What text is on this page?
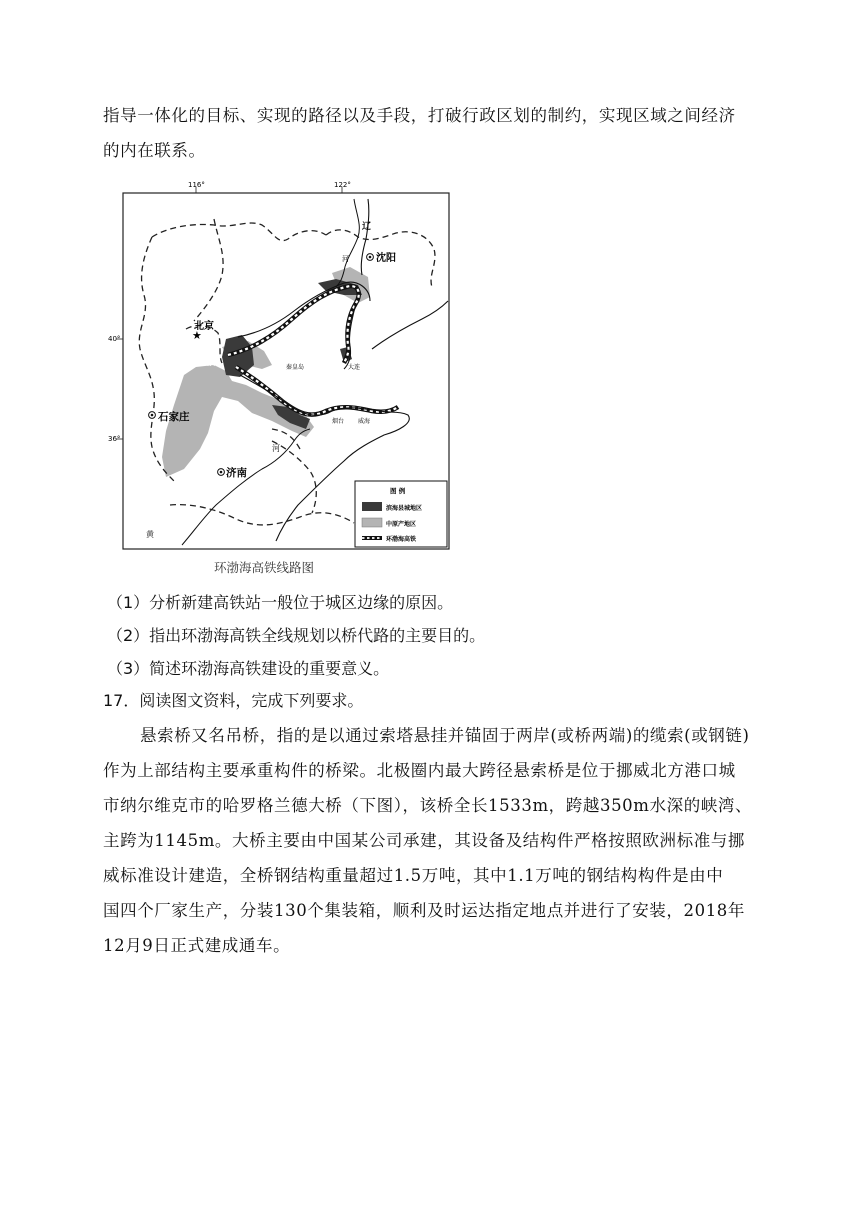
指导一体化的目标、实现的路径以及手段，打破行政区划的制约，实现区域之间经济
的内在联系。
116°	122°
40°
36°
辽
河
河
黄
沈阳
★
北京
天津
石家庄
济南
秦皇岛	大连
烟台 威海
图 例
滨海县城地区
中原产地区
环渤海高铁
环渤海高铁线路图
（1）分析新建高铁站一般位于城区边缘的原因。
（2）指出环渤海高铁全线规划以桥代路的主要目的。
（3）简述环渤海高铁建设的重要意义。
17．阅读图文资料，完成下列要求。
悬索桥又名吊桥，指的是以通过索塔悬挂并锚固于两岸(或桥两端)的缆索(或钢链)
作为上部结构主要承重构件的桥梁。北极圈内最大跨径悬索桥是位于挪威北方港口城
市纳尔维克市的哈罗格兰德大桥（下图），该桥全长1533m，跨越350m水深的峡湾、
主跨为1145m。大桥主要由中国某公司承建，其设备及结构件严格按照欧洲标准与挪
威标准设计建造，全桥钢结构重量超过1.5万吨，其中1.1万吨的钢结构构件是由中
国四个厂家生产，分装130个集装箱，顺利及时运达指定地点并进行了安装，2018年
12月9日正式建成通车。
